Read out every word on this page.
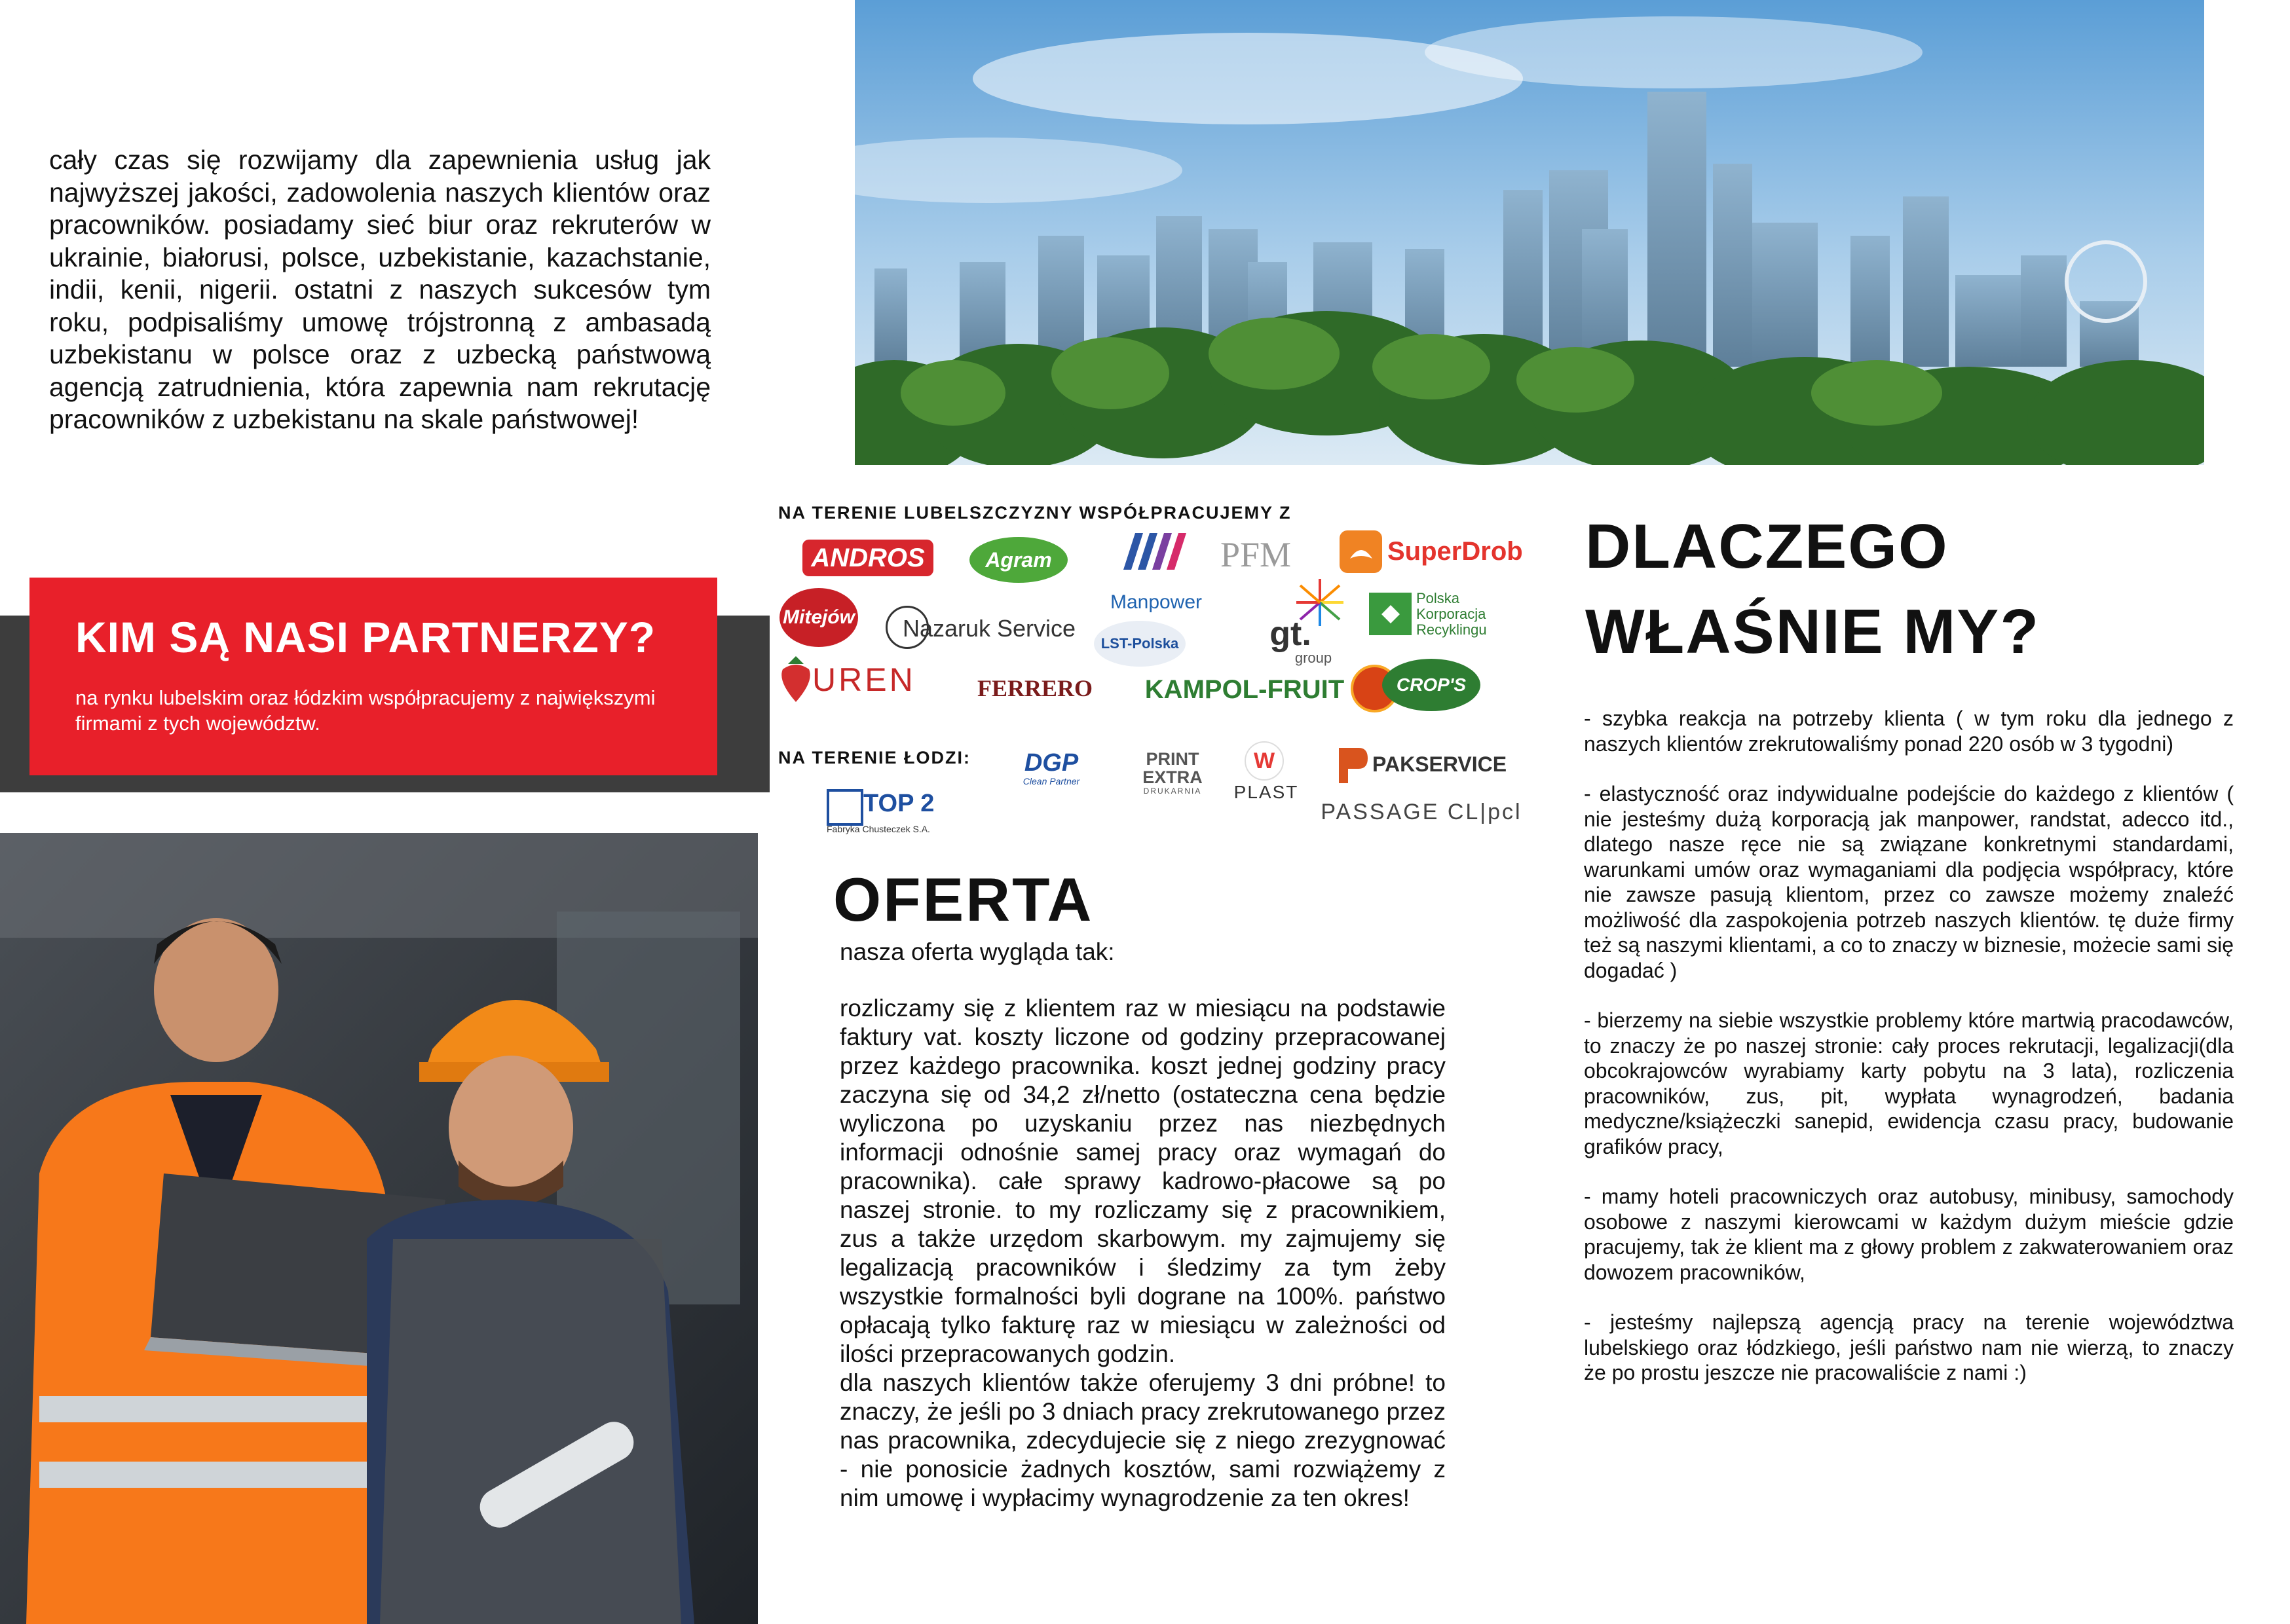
cały czas się rozwijamy dla zapewnienia usług jak najwyższej jakości, zadowolenia naszych klientów oraz pracowników. posiadamy sieć biur oraz rekruterów w ukrainie, białorusi, polsce, uzbekistanie, kazachstanie, indii, kenii, nigerii. ostatni z naszych sukcesów tym roku, podpisaliśmy umowę trójstronną z ambasadą uzbekistanu w polsce oraz z uzbecką państwową agencją zatrudnienia, która zapewnia nam rekrutację pracowników z uzbekistanu na skale państwowej!
KIM SĄ NASI PARTNERZY?
na rynku lubelskim oraz łódzkim współpracujemy z największymi firmami z tych województw.
NA TERENIE LUBELSZCZYZNY WSPÓŁPRACUJEMY Z
ANDROS	Agram	PFM	SuperDrob
Mitejów Nazaruk Service
Manpower
LST-Polska	gt.
group
Polska Korporacja Recyklingu
UREN	FERRERO	KAMPOL-FRUIT	CROP'S
NA TERENIE ŁODZI: DGP
Clean Partner
PRINT
EXTRA
DRUKARNIA
W
PLAST
PAKSERVICE
PASSAGE CL|pcl
TOP 2
Fabryka Chusteczek S.A.
OFERTA
nasza oferta wygląda tak:
rozliczamy się z klientem raz w miesiącu na podstawie faktury vat. koszty liczone od godziny przepracowanej przez każdego pracownika. koszt jednej godziny pracy zaczyna się od 34,2 zł/netto (ostateczna cena będzie wyliczona po uzyskaniu przez nas niezbędnych informacji odnośnie samej pracy oraz wymagań do pracownika). całe sprawy kadrowo-płacowe są po naszej stronie. to my rozliczamy się z pracownikiem, zus a także urzędom skarbowym. my zajmujemy się legalizacją pracowników i śledzimy za tym żeby wszystkie formalności byli dograne na 100%. państwo opłacają tylko fakturę raz w miesiącu w zależności od ilości przepracowanych godzin.
dla naszych klientów także oferujemy 3 dni próbne! to znaczy, że jeśli po 3 dniach pracy zrekrutowanego przez nas pracownika, zdecydujecie się z niego zrezygnować - nie ponosicie żadnych kosztów, sami rozwiążemy z nim umowę i wypłacimy wynagrodzenie za ten okres!
DLACZEGO
WŁAŚNIE MY?

- szybka reakcja na potrzeby klienta ( w tym roku dla jednego z naszych klientów zrekrutowaliśmy ponad 220 osób w 3 tygodni)

- elastyczność oraz indywidualne podejście do każdego z klientów ( nie jesteśmy dużą korporacją jak manpower, randstat, adecco itd., dlatego nasze ręce nie są związane konkretnymi standardami, warunkami umów oraz wymaganiami dla podjęcia współpracy, które nie zawsze pasują klientom, przez co zawsze możemy znaleźć możliwość dla zaspokojenia potrzeb naszych klientów. tę duże firmy też są naszymi klientami, a co to znaczy w biznesie, możecie sami się dogadać )

- bierzemy na siebie wszystkie problemy które martwią pracodawców, to znaczy że po naszej stronie: cały proces rekrutacji, legalizacji(dla obcokrajowców wyrabiamy karty pobytu na 3 lata), rozliczenia pracowników, zus, pit, wypłata wynagrodzeń, badania medyczne/książeczki sanepid, ewidencja czasu pracy, budowanie grafików pracy,

- mamy hoteli pracowniczych oraz autobusy, minibusy, samochody osobowe z naszymi kierowcami w każdym dużym mieście gdzie pracujemy, tak że klient ma z głowy problem z zakwaterowaniem oraz dowozem pracowników,

- jesteśmy najlepszą agencją pracy na terenie województwa lubelskiego oraz łódzkiego, jeśli państwo nam nie wierzą, to znaczy że po prostu jeszcze nie pracowaliście z nami :)
